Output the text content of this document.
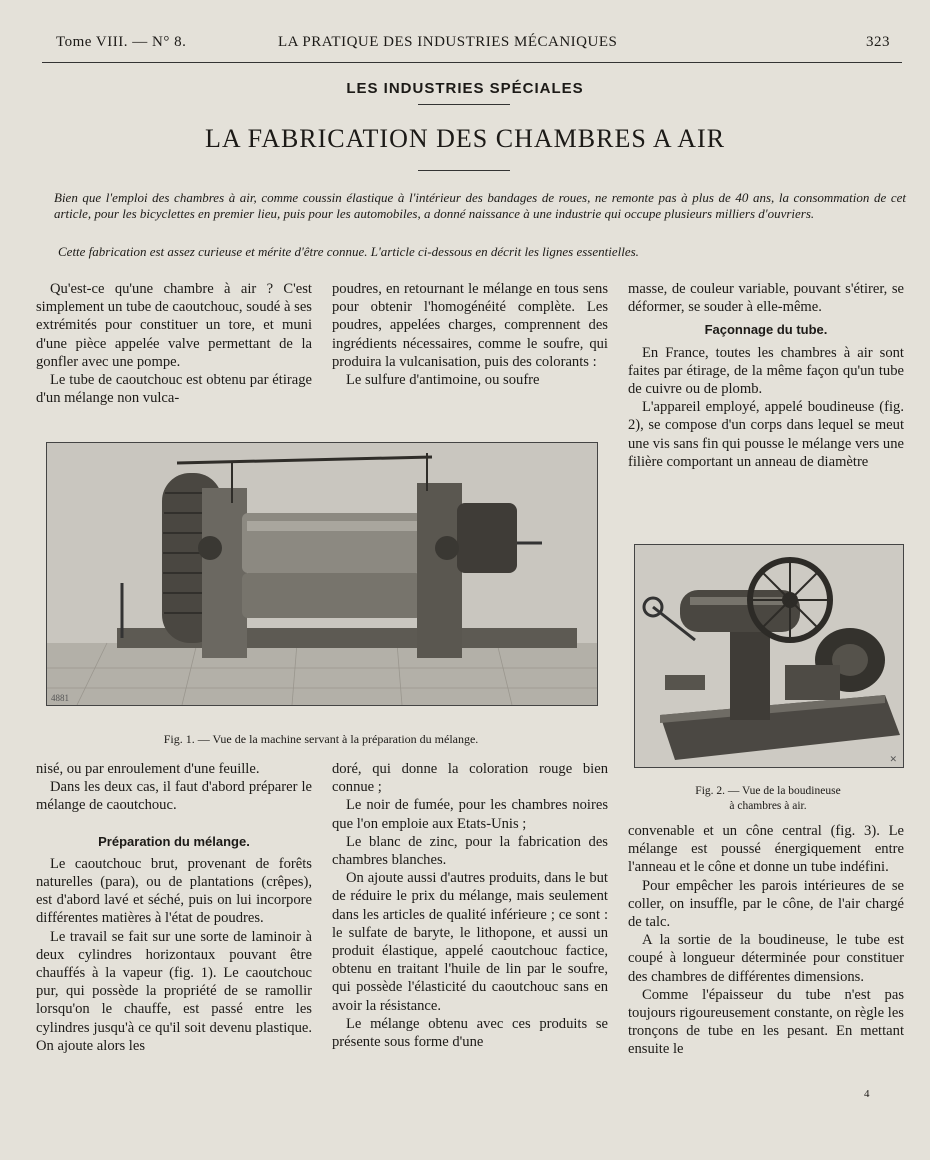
Tome VIII. — N° 8.	LA PRATIQUE DES INDUSTRIES MÉCANIQUES	323
LES INDUSTRIES SPÉCIALES
LA FABRICATION DES CHAMBRES A AIR
Bien que l'emploi des chambres à air, comme coussin élastique à l'intérieur des bandages de roues, ne remonte pas à plus de 40 ans, la consommation de cet article, pour les bicyclettes en premier lieu, puis pour les automobiles, a donné naissance à une industrie qui occupe plusieurs milliers d'ouvriers.
Cette fabrication est assez curieuse et mérite d'être connue. L'article ci-dessous en décrit les lignes essentielles.

Qu'est-ce qu'une chambre à air ? C'est simplement un tube de caoutchouc, soudé à ses extrémités pour constituer un tore, et muni d'une pièce appelée valve permettant de la gonfler avec une pompe.

Le tube de caoutchouc est obtenu par étirage d'un mélange non vulca-

poudres, en retournant le mélange en tous sens pour obtenir l'homogénéité complète. Les poudres, appelées charges, comprennent des ingrédients nécessaires, comme le soufre, qui produira la vulcanisation, puis des colorants :

Le sulfure d'antimoine, ou soufre

masse, de couleur variable, pouvant s'étirer, se déformer, se souder à elle-même.

Façonnage du tube.

En France, toutes les chambres à air sont faites par étirage, de la même façon qu'un tube de cuivre ou de plomb.

L'appareil employé, appelé boudineuse (fig. 2), se compose d'un corps dans lequel se meut une vis sans fin qui pousse le mélange vers une filière comportant un anneau de diamètre

4881
Fig. 1. — Vue de la machine servant à la préparation du mélange.
✕
Fig. 2. — Vue de la boudineuse
à chambres à air.

nisé, ou par enroulement d'une feuille.

Dans les deux cas, il faut d'abord préparer le mélange de caoutchouc.

Préparation du mélange.

Le caoutchouc brut, provenant de forêts naturelles (para), ou de plantations (crêpes), est d'abord lavé et séché, puis on lui incorpore différentes matières à l'état de poudres.

Le travail se fait sur une sorte de laminoir à deux cylindres horizontaux pouvant être chauffés à la vapeur (fig. 1). Le caoutchouc pur, qui possède la propriété de se ramollir lorsqu'on le chauffe, est passé entre les cylindres jusqu'à ce qu'il soit devenu plastique. On ajoute alors les

doré, qui donne la coloration rouge bien connue ;

Le noir de fumée, pour les chambres noires que l'on emploie aux Etats-Unis ;

Le blanc de zinc, pour la fabrication des chambres blanches.

On ajoute aussi d'autres produits, dans le but de réduire le prix du mélange, mais seulement dans les articles de qualité inférieure ; ce sont : le sulfate de baryte, le lithopone, et aussi un produit élastique, appelé caoutchouc factice, obtenu en traitant l'huile de lin par le soufre, qui possède l'élasticité du caoutchouc sans en avoir la résistance.

Le mélange obtenu avec ces produits se présente sous forme d'une

convenable et un cône central (fig. 3). Le mélange est poussé énergiquement entre l'anneau et le cône et donne un tube indéfini.

Pour empêcher les parois intérieures de se coller, on insuffle, par le cône, de l'air chargé de talc.

A la sortie de la boudineuse, le tube est coupé à longueur déterminée pour constituer des chambres de différentes dimensions.

Comme l'épaisseur du tube n'est pas toujours rigoureusement constante, on règle les tronçons de tube en les pesant. En mettant ensuite le

4
